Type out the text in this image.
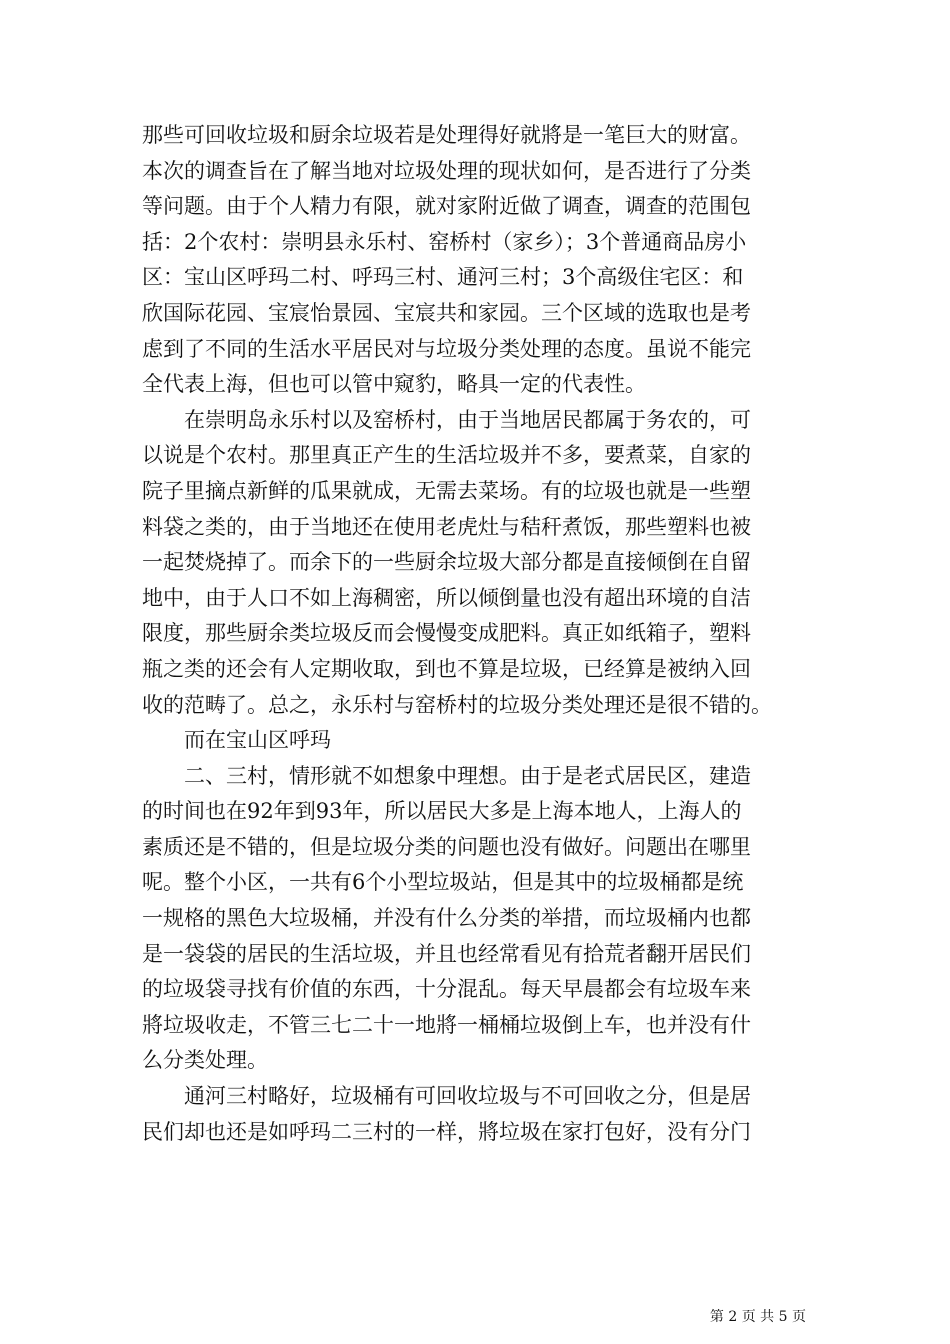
那些可回收垃圾和厨余垃圾若是处理得好就將是一笔巨大的财富。
本次的调查旨在了解当地对垃圾处理的现状如何，是否进行了分类
等问题。由于个人精力有限，就对家附近做了调查，调查的范围包
括：2个农村：崇明县永乐村、窑桥村（家乡）；3个普通商品房小
区：宝山区呼玛二村、呼玛三村、通河三村；3个高级住宅区：和
欣国际花园、宝宸怡景园、宝宸共和家园。三个区域的选取也是考
虑到了不同的生活水平居民对与垃圾分类处理的态度。虽说不能完
全代表上海，但也可以管中窥豹，略具一定的代表性。
在崇明岛永乐村以及窑桥村，由于当地居民都属于务农的，可
以说是个农村。那里真正产生的生活垃圾并不多，要煮菜，自家的
院子里摘点新鲜的瓜果就成，无需去菜场。有的垃圾也就是一些塑
料袋之类的，由于当地还在使用老虎灶与秸秆煮饭，那些塑料也被
一起焚烧掉了。而余下的一些厨余垃圾大部分都是直接倾倒在自留
地中，由于人口不如上海稠密，所以倾倒量也没有超出环境的自洁
限度，那些厨余类垃圾反而会慢慢变成肥料。真正如纸箱子，塑料
瓶之类的还会有人定期收取，到也不算是垃圾，已经算是被纳入回
收的范畴了。总之，永乐村与窑桥村的垃圾分类处理还是很不错的。
而在宝山区呼玛
二、三村，情形就不如想象中理想。由于是老式居民区，建造
的时间也在92年到93年，所以居民大多是上海本地人，上海人的
素质还是不错的，但是垃圾分类的问题也没有做好。问题出在哪里
呢。整个小区，一共有6个小型垃圾站，但是其中的垃圾桶都是统
一规格的黑色大垃圾桶，并没有什么分类的举措，而垃圾桶内也都
是一袋袋的居民的生活垃圾，并且也经常看见有拾荒者翻开居民们
的垃圾袋寻找有价值的东西，十分混乱。每天早晨都会有垃圾车来
將垃圾收走，不管三七二十一地將一桶桶垃圾倒上车，也并没有什
么分类处理。
通河三村略好，垃圾桶有可回收垃圾与不可回收之分，但是居
民们却也还是如呼玛二三村的一样，將垃圾在家打包好，没有分门
第 2 页 共 5 页
